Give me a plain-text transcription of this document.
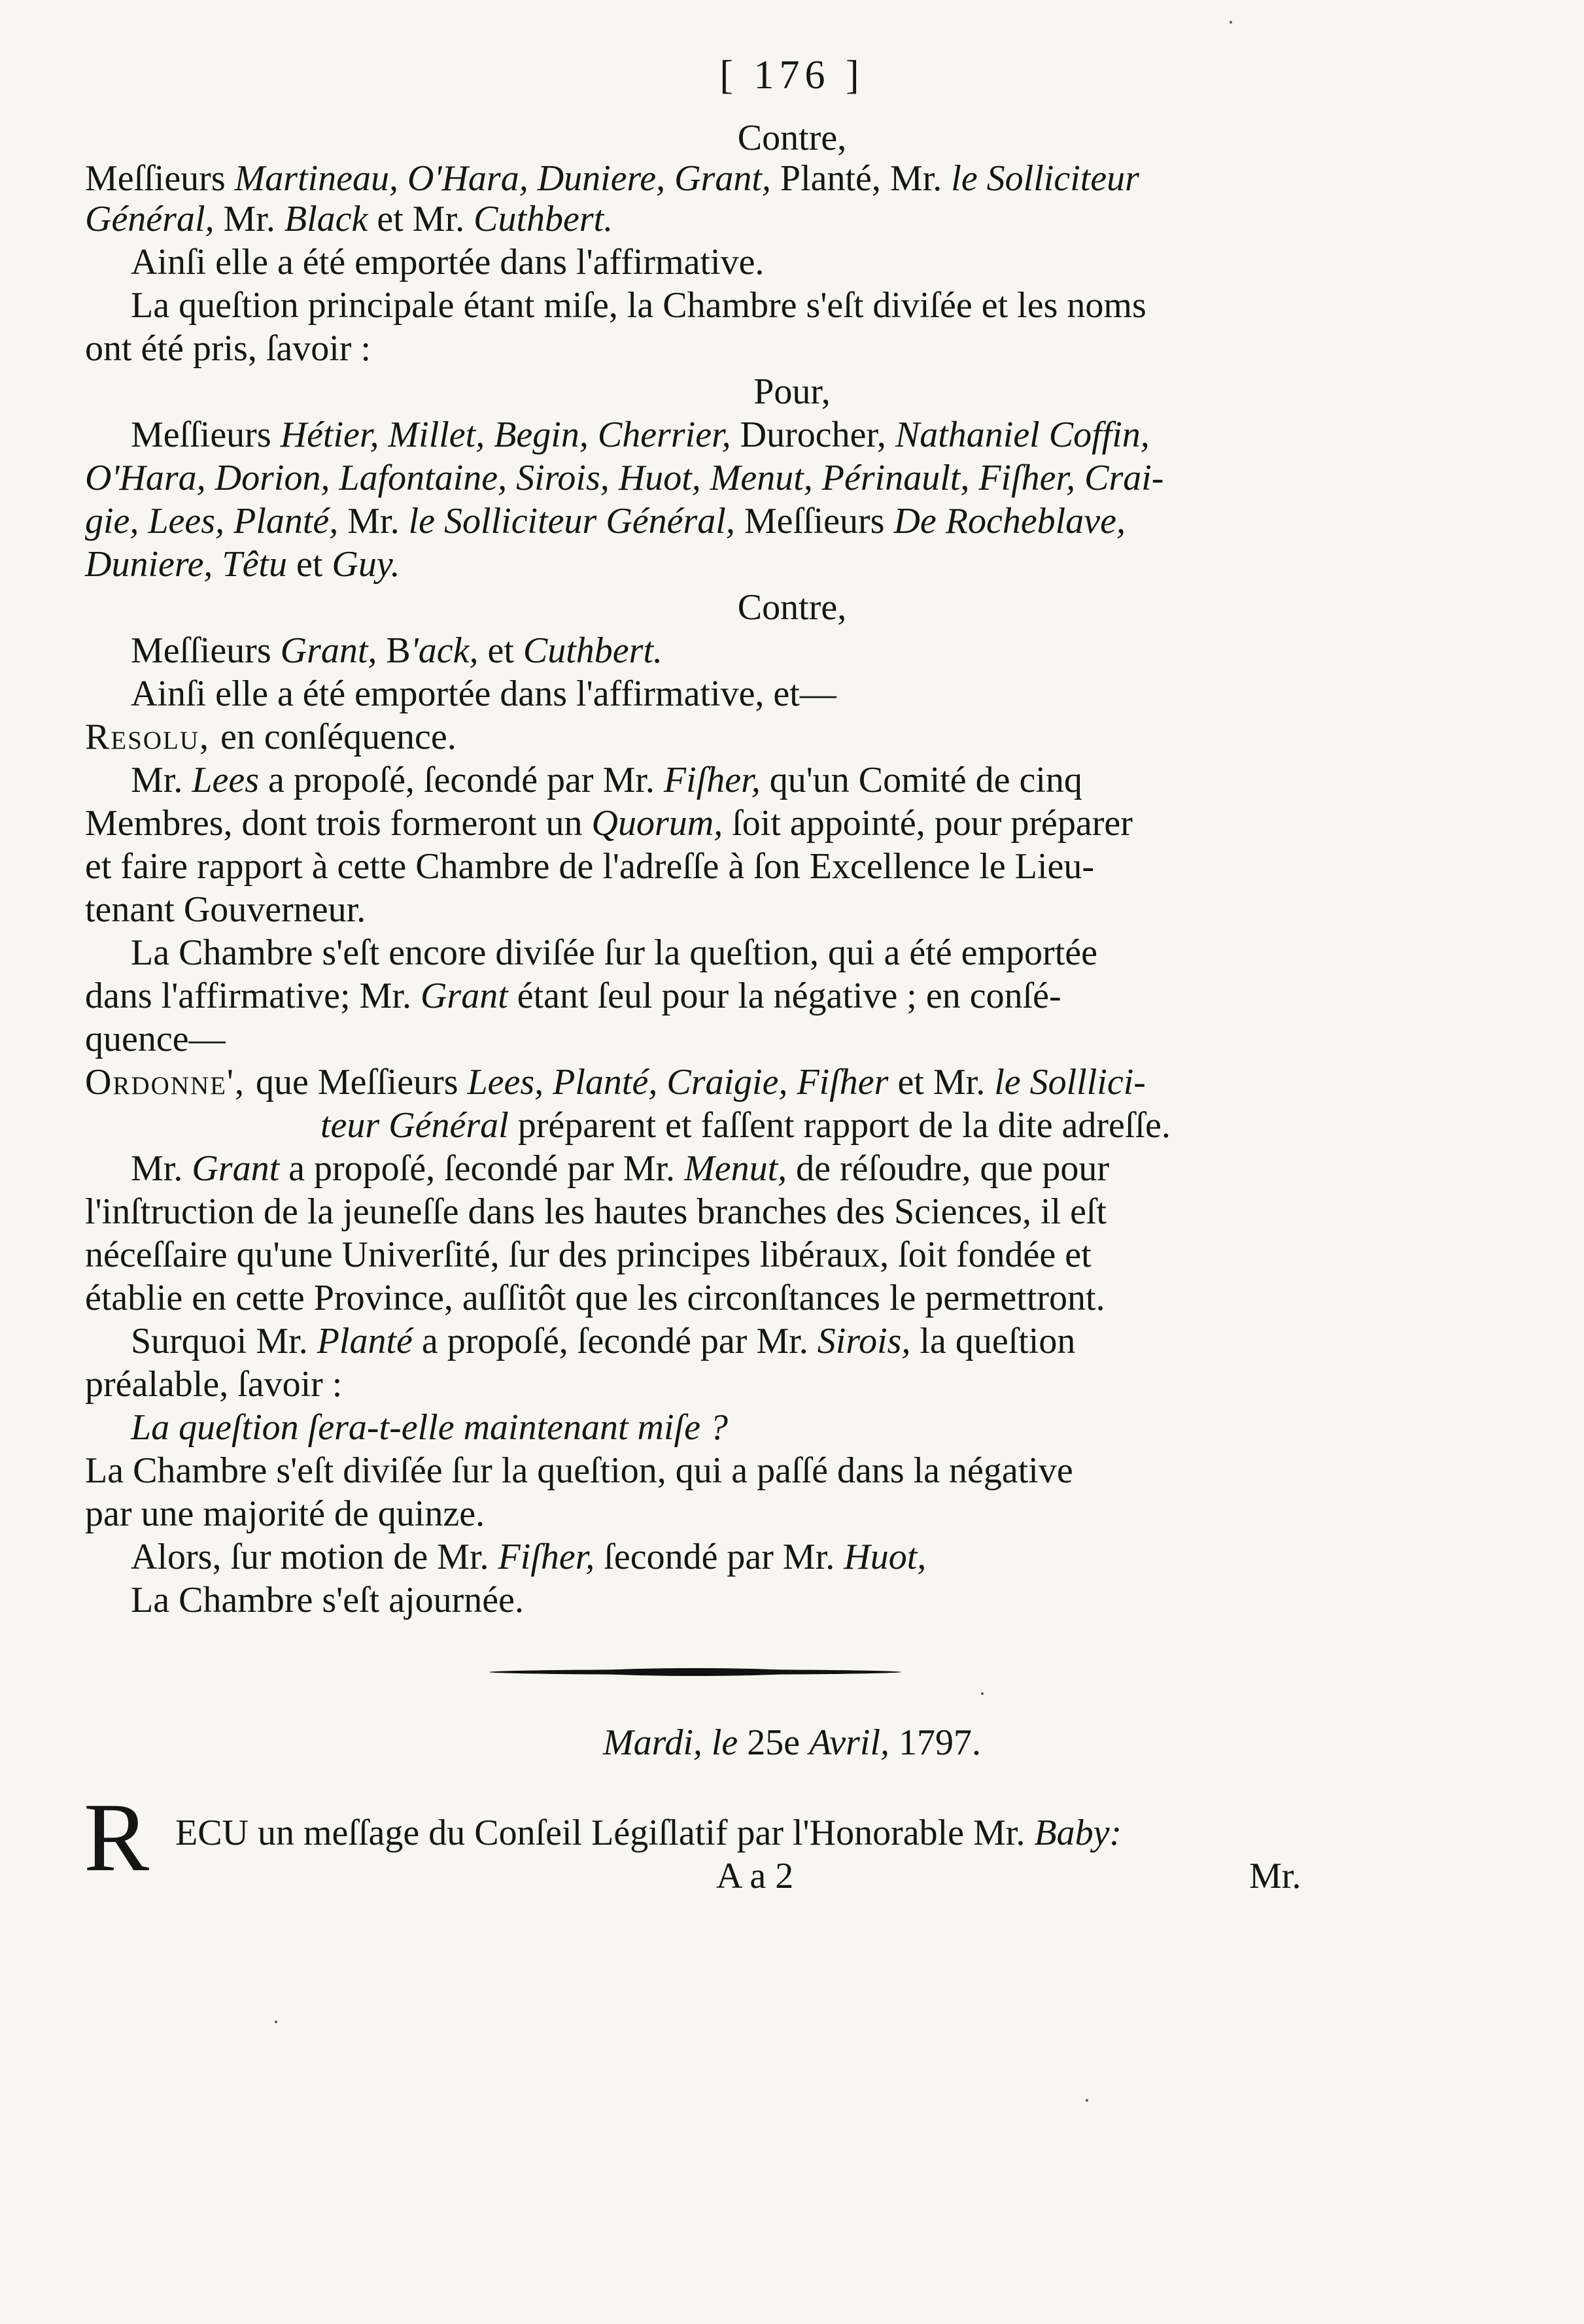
[ 176 ]
Contre,
Meſſieurs Martineau, O'Hara, Duniere, Grant, Planté, Mr. le Solliciteur
Général, Mr. Black et Mr. Cuthbert.
Ainſi elle a été emportée dans l'affirmative.
La queſtion principale étant miſe, la Chambre s'eſt diviſée et les noms
ont été pris, ſavoir :
Pour,
Meſſieurs Hétier, Millet, Begin, Cherrier, Durocher, Nathaniel Coffin,
O'Hara, Dorion, Lafontaine, Sirois, Huot, Menut, Périnault, Fiſher, Crai-
gie, Lees, Planté, Mr. le Solliciteur Général, Meſſieurs De Rocheblave,
Duniere, Têtu et Guy.
Contre,
Meſſieurs Grant, B'ack, et Cuthbert.
Ainſi elle a été emportée dans l'affirmative, et—
Resolu, en conſéquence.
Mr. Lees a propoſé, ſecondé par Mr. Fiſher, qu'un Comité de cinq
Membres, dont trois formeront un Quorum, ſoit appointé, pour préparer
et faire rapport à cette Chambre de l'adreſſe à ſon Excellence le Lieu-
tenant Gouverneur.
La Chambre s'eſt encore diviſée ſur la queſtion, qui a été emportée
dans l'affirmative; Mr. Grant étant ſeul pour la négative ; en conſé-
quence—
Ordonne', que Meſſieurs Lees, Planté, Craigie, Fiſher et Mr. le Solllici-
teur Général préparent et faſſent rapport de la dite adreſſe.
Mr. Grant a propoſé, ſecondé par Mr. Menut, de réſoudre, que pour
l'inſtruction de la jeuneſſe dans les hautes branches des Sciences, il eſt
néceſſaire qu'une Univerſité, ſur des principes libéraux, ſoit fondée et
établie en cette Province, auſſitôt que les circonſtances le permettront.
Surquoi Mr. Planté a propoſé, ſecondé par Mr. Sirois, la queſtion
préalable, ſavoir :
La queſtion ſera-t-elle maintenant miſe ?
La Chambre s'eſt diviſée ſur la queſtion, qui a paſſé dans la négative
par une majorité de quinze.
Alors, ſur motion de Mr. Fiſher, ſecondé par Mr. Huot,
La Chambre s'eſt ajournée.
Mardi, le 25e Avril, 1797.
R ECU un meſſage du Conſeil Légiſlatif par l'Honorable Mr. Baby:
A a 2	Mr.
